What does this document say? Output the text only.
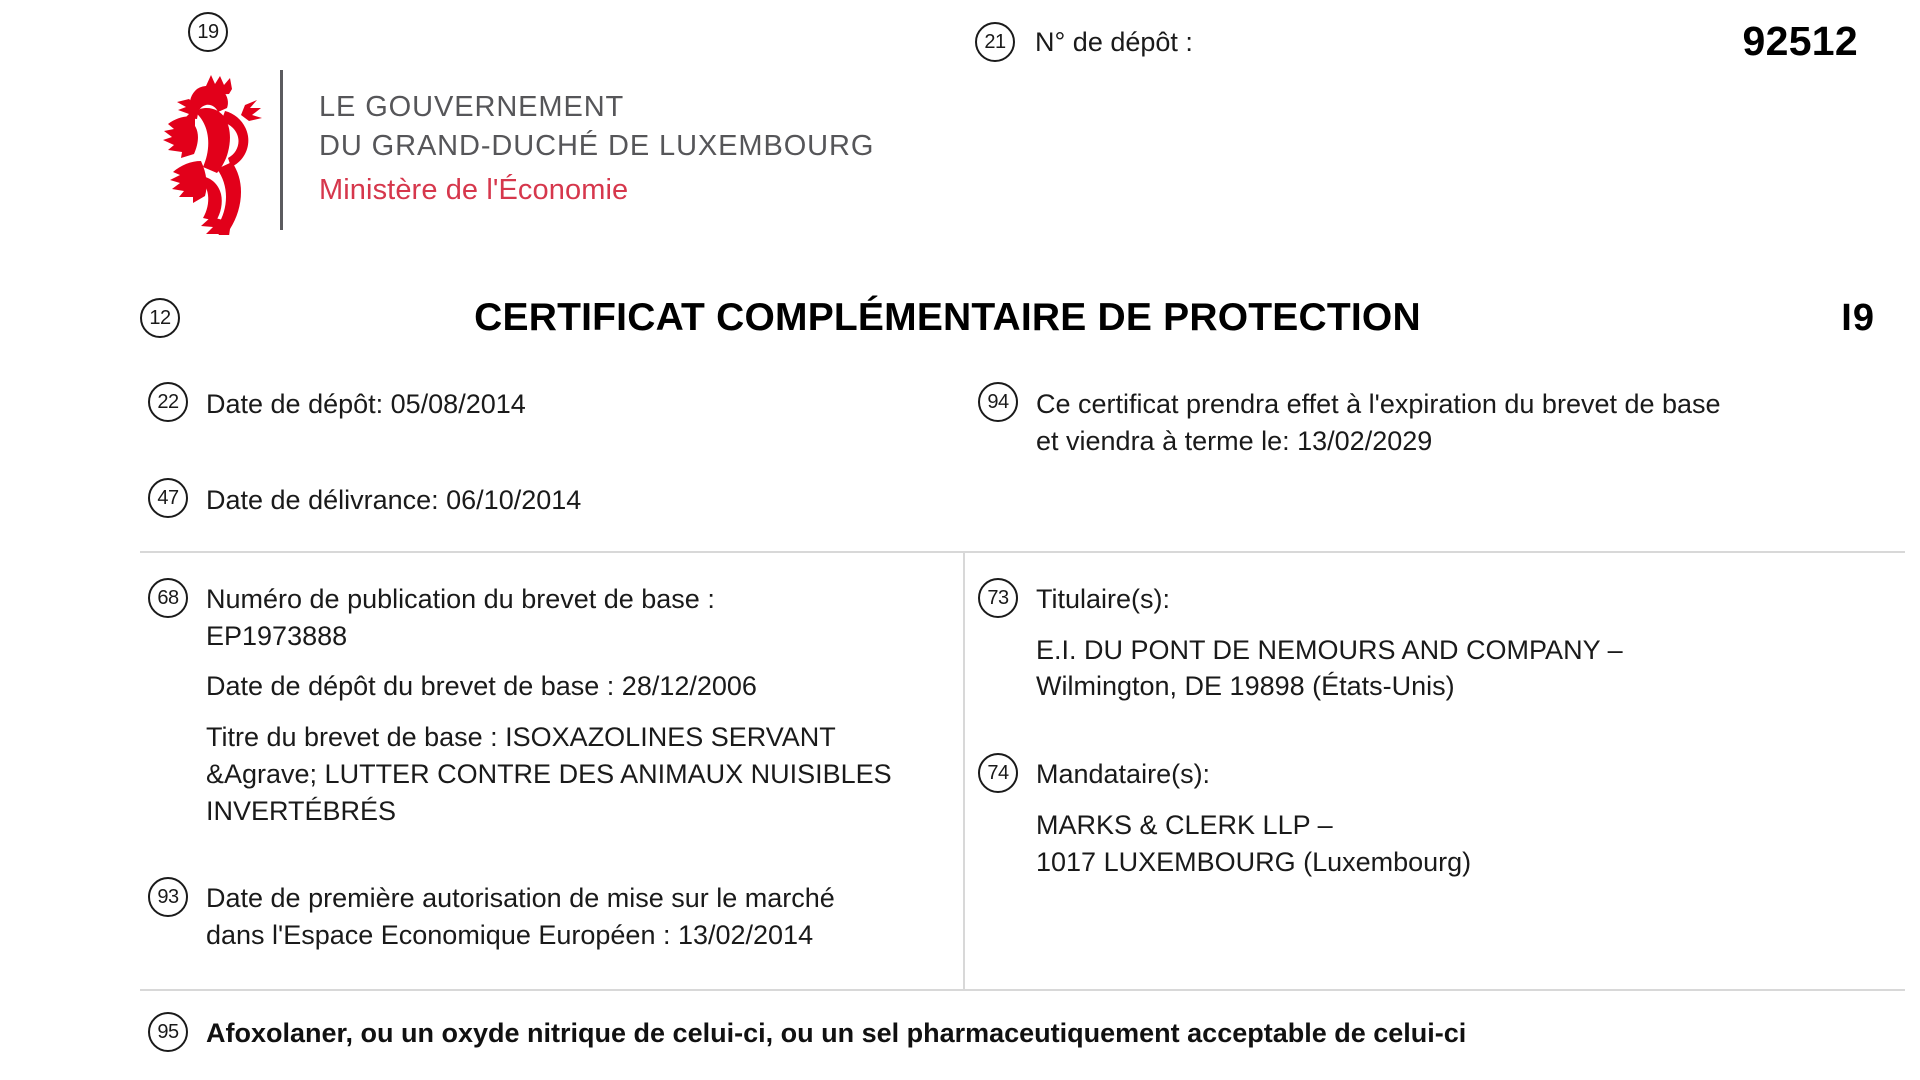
19
LE GOUVERNEMENT
DU GRAND-DUCHÉ DE LUXEMBOURG
Ministère de l'Économie
21	N° de dépôt :	92512
12	CERTIFICAT COMPLÉMENTAIRE DE PROTECTION	I9
22	Date de dépôt: 05/08/2014
47	Date de délivrance: 06/10/2014
94	Ce certificat prendra effet à l'expiration du brevet de base
et viendra à terme le: 13/02/2029
68	Numéro de publication du brevet de base :
EP1973888
Date de dépôt du brevet de base : 28/12/2006
Titre du brevet de base : ISOXAZOLINES SERVANT
&Agrave; LUTTER CONTRE DES ANIMAUX NUISIBLES
INVERTÉBRÉS
93	Date de première autorisation de mise sur le marché
dans l'Espace Economique Européen : 13/02/2014
73	Titulaire(s):
E.I. DU PONT DE NEMOURS AND COMPANY –
Wilmington, DE 19898 (États-Unis)
74	Mandataire(s):
MARKS & CLERK LLP –
1017 LUXEMBOURG (Luxembourg)
95	Afoxolaner, ou un oxyde nitrique de celui-ci, ou un sel pharmaceutiquement acceptable de celui-ci
